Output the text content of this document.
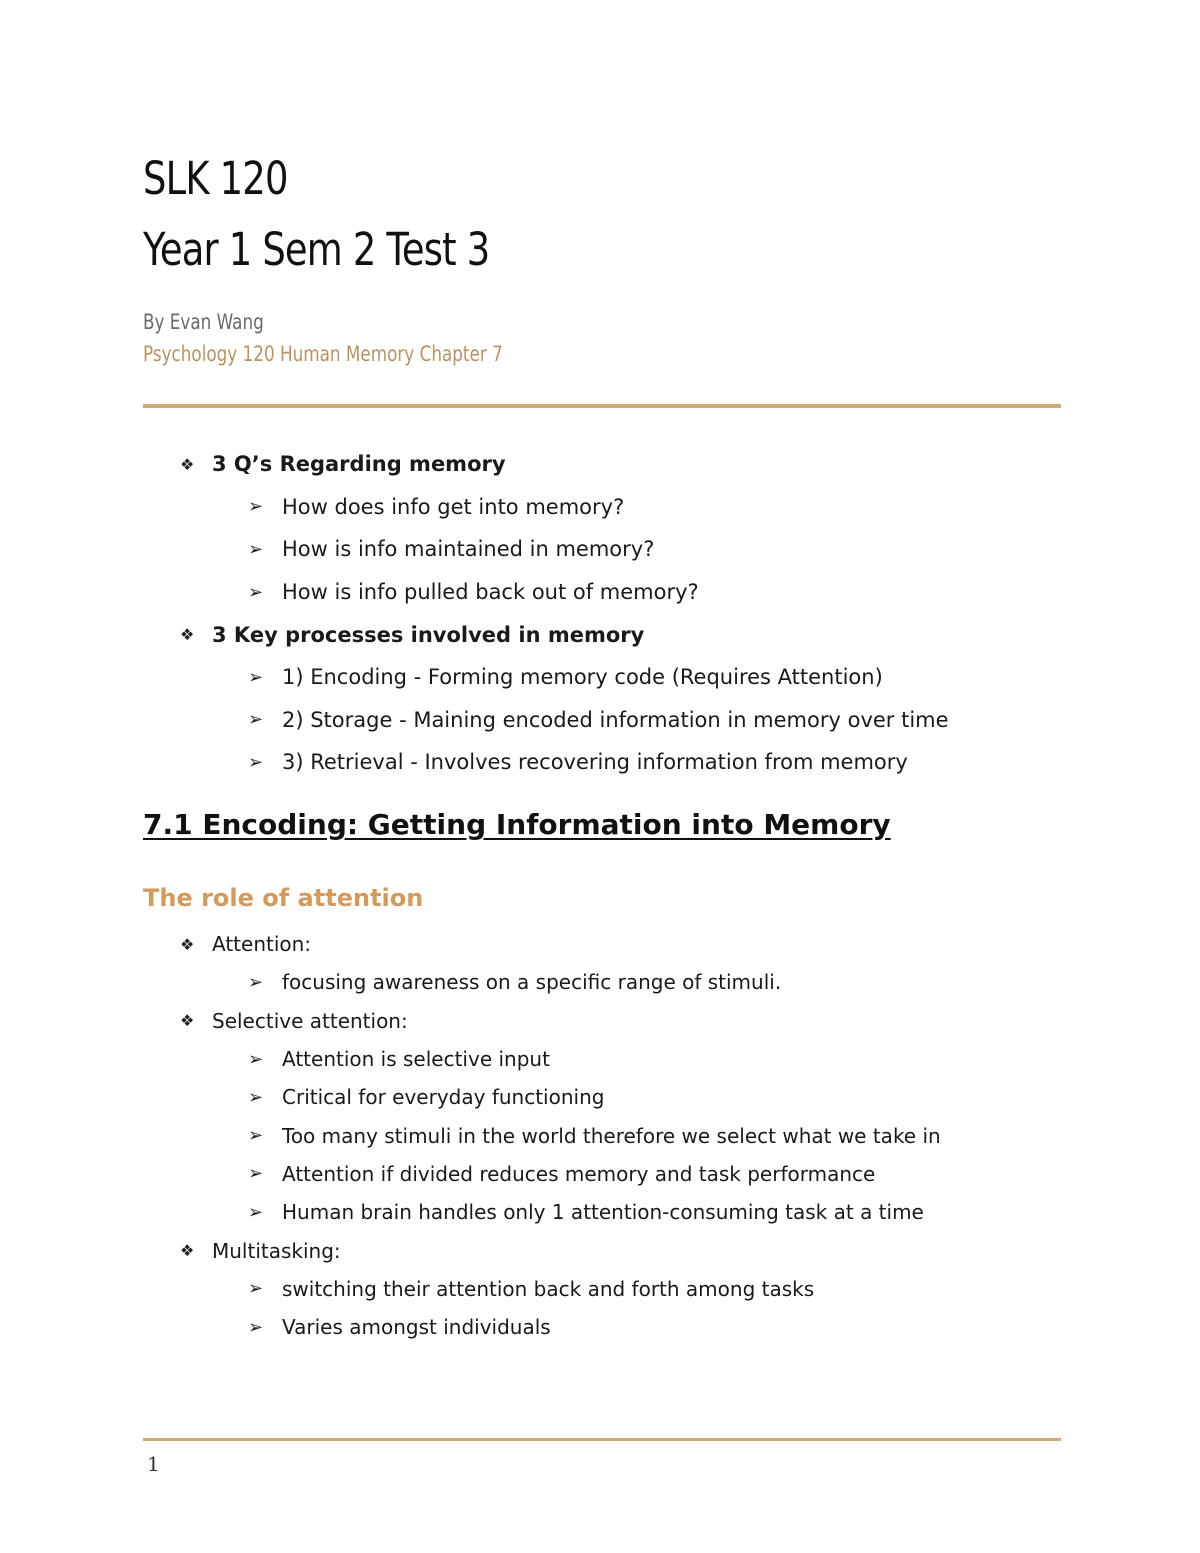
SLK 120
Year 1 Sem 2 Test 3
By Evan Wang
Psychology 120 Human Memory Chapter 7
❖ 3 Q’s Regarding memory
➢ How does info get into memory?
➢ How is info maintained in memory?
➢ How is info pulled back out of memory?
❖ 3 Key processes involved in memory
➢ 1) Encoding - Forming memory code (Requires Attention)
➢ 2) Storage - Maining encoded information in memory over time
➢ 3) Retrieval - Involves recovering information from memory
7.1 Encoding: Getting Information into Memory
The role of attention
❖ Attention:
➢ focusing awareness on a specific range of stimuli.
❖ Selective attention:
➢ Attention is selective input
➢ Critical for everyday functioning
➢ Too many stimuli in the world therefore we select what we take in
➢ Attention if divided reduces memory and task performance
➢ Human brain handles only 1 attention-consuming task at a time
❖ Multitasking:
➢ switching their attention back and forth among tasks
➢ Varies amongst individuals
1
